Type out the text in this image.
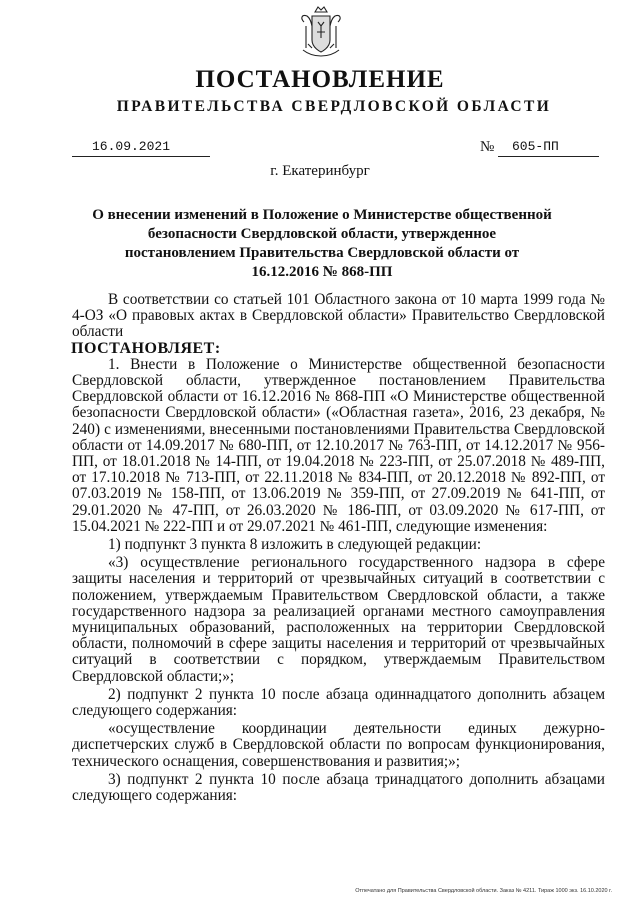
ПОСТАНОВЛЕНИЕ
ПРАВИТЕЛЬСТВА СВЕРДЛОВСКОЙ ОБЛАСТИ
16.09.2021	№ 605-ПП
г. Екатеринбург
О внесении изменений в Положение о Министерстве общественной безопасности Свердловской области, утвержденное постановлением Правительства Свердловской области от 16.12.2016 № 868-ПП

В соответствии со статьей 101 Областного закона от 10 марта 1999 года № 4-ОЗ «О правовых актах в Свердловской области» Правительство Свердловской области

ПОСТАНОВЛЯЕТ:

1. Внести в Положение о Министерстве общественной безопасности Свердловской области, утвержденное постановлением Правительства Свердловской области от 16.12.2016 № 868-ПП «О Министерстве общественной безопасности Свердловской области» («Областная газета», 2016, 23 декабря, № 240) с изменениями, внесенными постановлениями Правительства Свердловской области от 14.09.2017 № 680-ПП, от 12.10.2017 № 763-ПП, от 14.12.2017 № 956-ПП, от 18.01.2018 № 14-ПП, от 19.04.2018 № 223-ПП, от 25.07.2018 № 489-ПП, от 17.10.2018 № 713-ПП, от 22.11.2018 № 834-ПП, от 20.12.2018 № 892-ПП, от 07.03.2019 № 158-ПП, от 13.06.2019 № 359-ПП, от 27.09.2019 № 641-ПП, от 29.01.2020 № 47-ПП, от 26.03.2020 № 186-ПП, от 03.09.2020 № 617-ПП, от 15.04.2021 № 222-ПП и от 29.07.2021 № 461-ПП, следующие изменения:

1) подпункт 3 пункта 8 изложить в следующей редакции:

«3) осуществление регионального государственного надзора в сфере защиты населения и территорий от чрезвычайных ситуаций в соответствии с положением, утверждаемым Правительством Свердловской области, а также государственного надзора за реализацией органами местного самоуправления муниципальных образований, расположенных на территории Свердловской области, полномочий в сфере защиты населения и территорий от чрезвычайных ситуаций в соответствии с порядком, утверждаемым Правительством Свердловской области;»;

2) подпункт 2 пункта 10 после абзаца одиннадцатого дополнить абзацем следующего содержания:

«осуществление координации деятельности единых дежурно-диспетчерских служб в Свердловской области по вопросам функционирования, технического оснащения, совершенствования и развития;»;

3) подпункт 2 пункта 10 после абзаца тринадцатого дополнить абзацами следующего содержания:

Отпечатано для Правительства Свердловской области. Заказ № 4211. Тираж 1000 экз. 16.10.2020 г.
